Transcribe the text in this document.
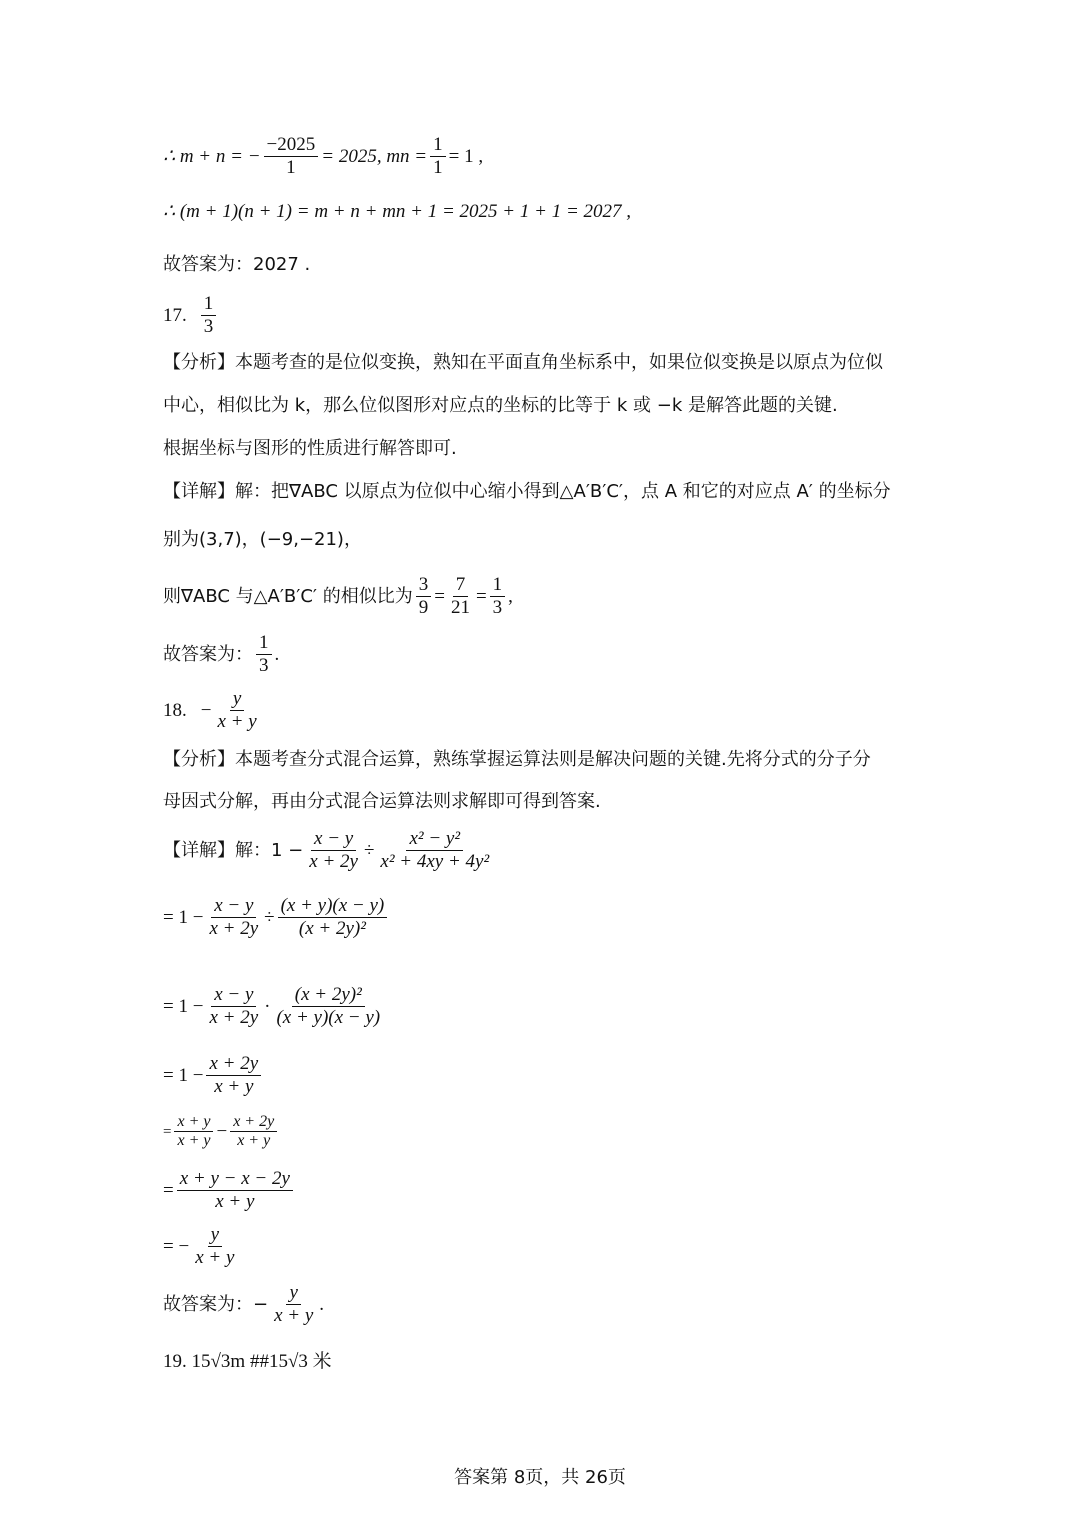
∴ m + n = − $\frac{-2025}{1} = 2025$, mn = $\frac{1}{1} = 1$ ,
∴ (m + 1)(n + 1) = m + n + mn + 1 = 2025 + 1 + 1 = 2027 ,
故答案为：2027 .
17. $\frac{1}{3}$
【分析】本题考查的是位似变换，熟知在平面直角坐标系中，如果位似变换是以原点为位似
中心，相似比为 k，那么位似图形对应点的坐标的比等于 k 或 −k 是解答此题的关键.
根据坐标与图形的性质进行解答即可.
【详解】解：把∇ABC 以原点为位似中心缩小得到△A′B′C′，点 A 和它的对应点 A′ 的坐标分
别为(3,7)，(−9,−21)，
则∇ABC 与△A′B′C′ 的相似比为 $\frac{3}{9} = \frac{7}{21} = \frac{1}{3}$ ,
故答案为： $\frac{1}{3}$ .
18. − $\frac{y}{x + y}$
【分析】本题考查分式混合运算，熟练掌握运算法则是解决问题的关键.先将分式的分子分
母因式分解，再由分式混合运算法则求解即可得到答案.
【详解】解：$1 - \frac{x - y}{x + 2y} \div \frac{\text{x² − y²}}{\text{x² + 4xy + 4y²}}$
= $1 - \frac{x - y}{x + 2y} \div \frac{(x + y)(x - y)}{\text{(x + 2y)²}}$
= $1 - \frac{x - y}{x + 2y} \cdot \frac{\text{(x + 2y)²}}{(x + y)(x - y)}$
= $1 - \frac{x + 2y}{x + y}$
= $\frac{x + y}{x + y} - \frac{x + 2y}{x + y}$
= $\frac{x + y - x - 2y}{x + y}$
= − $\frac{y}{x + y}$
故答案为：− $\frac{y}{x + y}$ .
19. 15√3m ##15√3 米
答案第 8页，共 26页
